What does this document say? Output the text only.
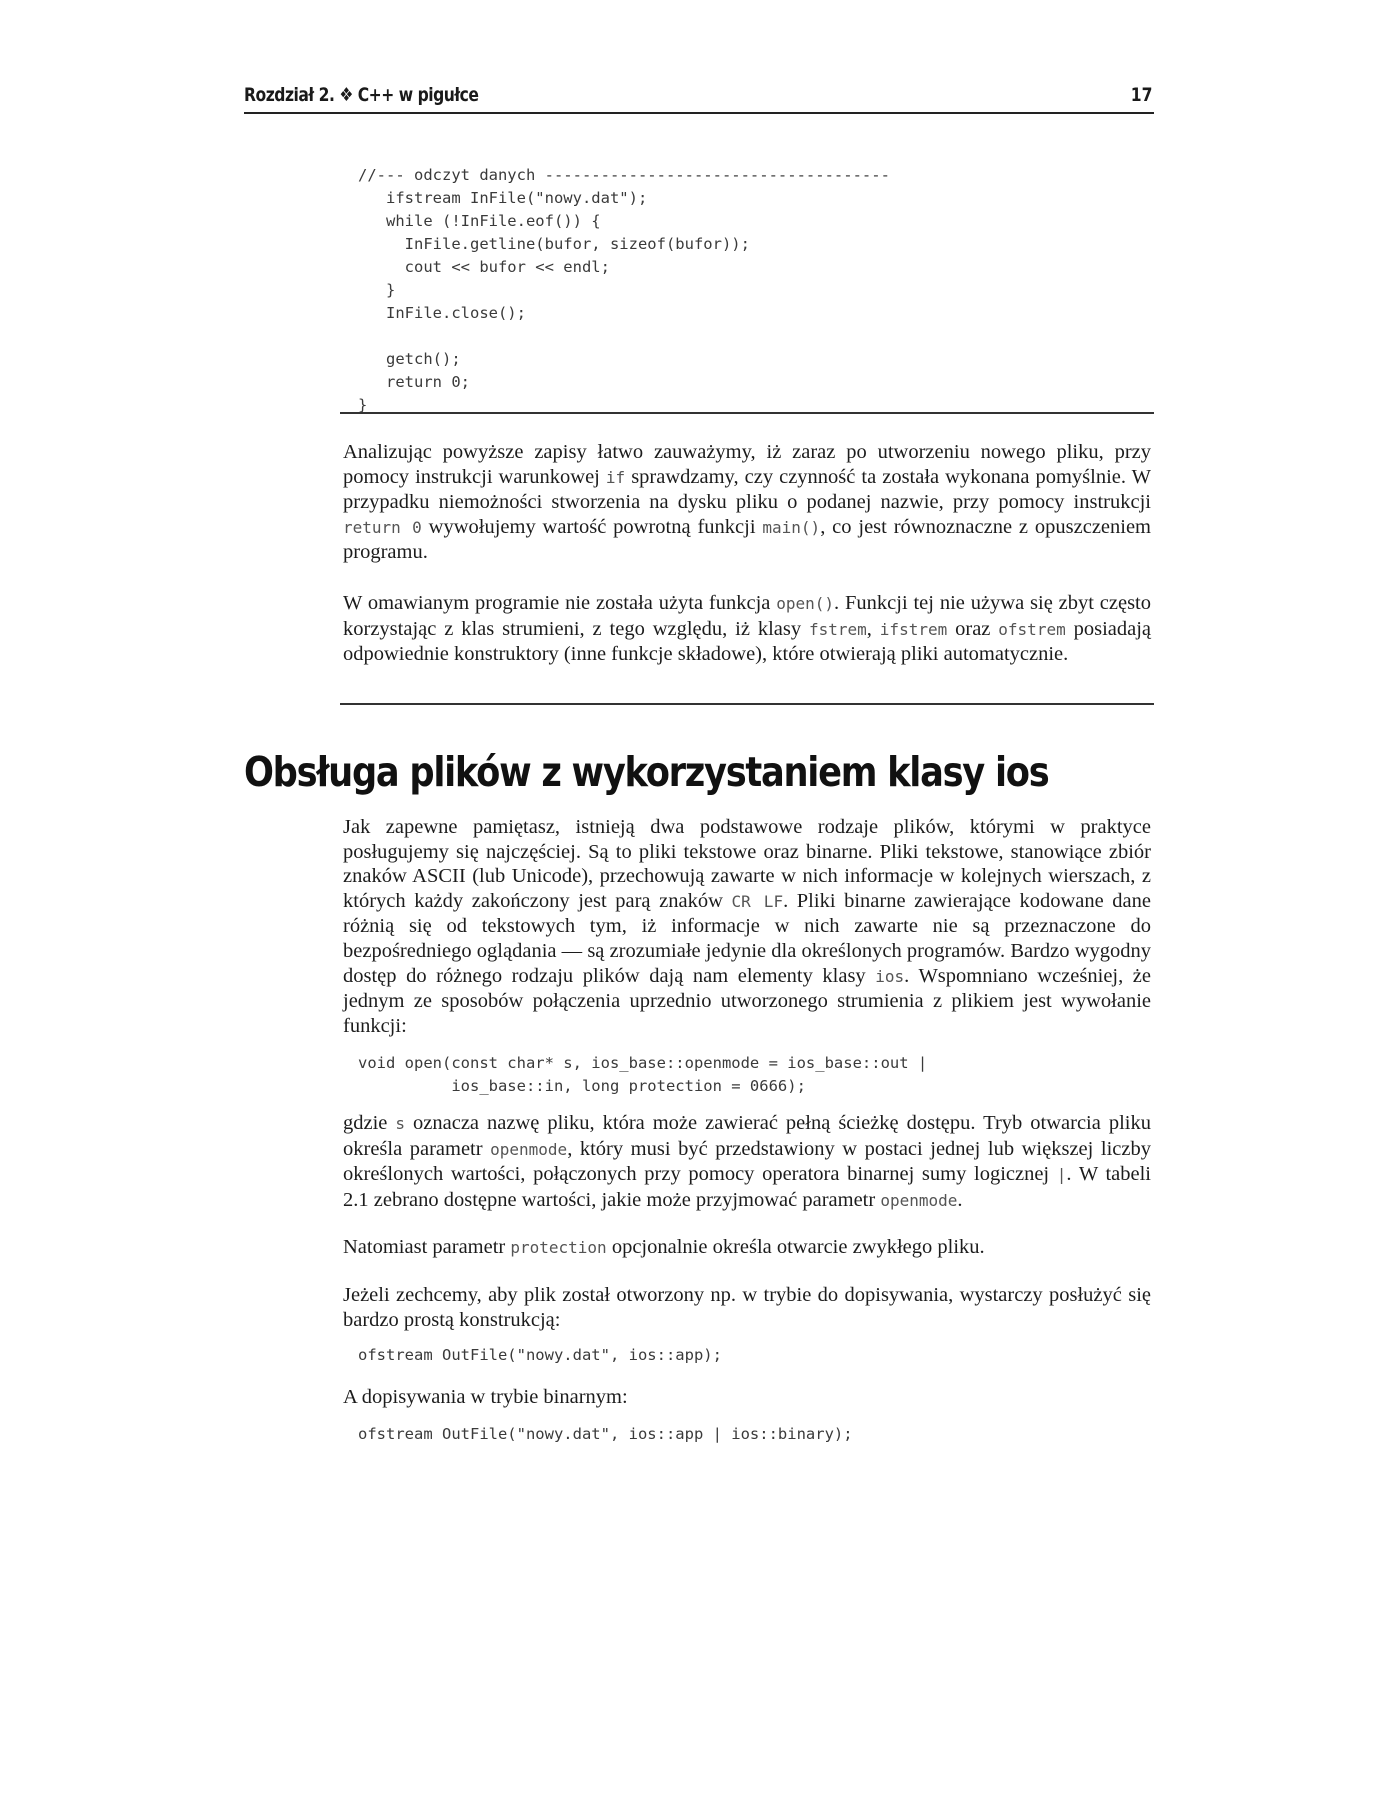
Rozdział 2. ❖ C++ w pigułce	17
//--- odczyt danych -------------------------------------
ifstream InFile("nowy.dat");
while (!InFile.eof()) {
InFile.getline(bufor, sizeof(bufor));
cout << bufor << endl;
}
InFile.close();

getch();
return 0;
}

Analizując powyższe zapisy łatwo zauważymy, iż zaraz po utworzeniu nowego pliku, przy pomocy instrukcji warunkowej if sprawdzamy, czy czynność ta została wykonana pomyślnie. W przypadku niemożności stworzenia na dysku pliku o podanej nazwie, przy pomocy instrukcji return 0 wywołujemy wartość powrotną funkcji main(), co jest równoznaczne z opuszczeniem programu.

W omawianym programie nie została użyta funkcja open(). Funkcji tej nie używa się zbyt często korzystając z klas strumieni, z tego względu, iż klasy fstrem, ifstrem oraz ofstrem posiadają odpowiednie konstruktory (inne funkcje składowe), które otwierają pliki automatycznie.

Obsługa plików z wykorzystaniem klasy ios

Jak zapewne pamiętasz, istnieją dwa podstawowe rodzaje plików, którymi w praktyce posługujemy się najczęściej. Są to pliki tekstowe oraz binarne. Pliki tekstowe, stanowiące zbiór znaków ASCII (lub Unicode), przechowują zawarte w nich informacje w kolejnych wierszach, z których każdy zakończony jest parą znaków CR LF. Pliki binarne zawierające kodowane dane różnią się od tekstowych tym, iż informacje w nich zawarte nie są przeznaczone do bezpośredniego oglądania — są zrozumiałe jedynie dla określonych programów. Bardzo wygodny dostęp do różnego rodzaju plików dają nam elementy klasy ios. Wspomniano wcześniej, że jednym ze sposobów połączenia uprzednio utworzonego strumienia z plikiem jest wywołanie funkcji:

void open(const char* s, ios_base::openmode = ios_base::out |
ios_base::in, long protection = 0666);

gdzie s oznacza nazwę pliku, która może zawierać pełną ścieżkę dostępu. Tryb otwarcia pliku określa parametr openmode, który musi być przedstawiony w postaci jednej lub większej liczby określonych wartości, połączonych przy pomocy operatora binarnej sumy logicznej |. W tabeli 2.1 zebrano dostępne wartości, jakie może przyjmować parametr openmode.

Natomiast parametr protection opcjonalnie określa otwarcie zwykłego pliku.

Jeżeli zechcemy, aby plik został otworzony np. w trybie do dopisywania, wystarczy posłużyć się bardzo prostą konstrukcją:

ofstream OutFile("nowy.dat", ios::app);

A dopisywania w trybie binarnym:

ofstream OutFile("nowy.dat", ios::app | ios::binary);
